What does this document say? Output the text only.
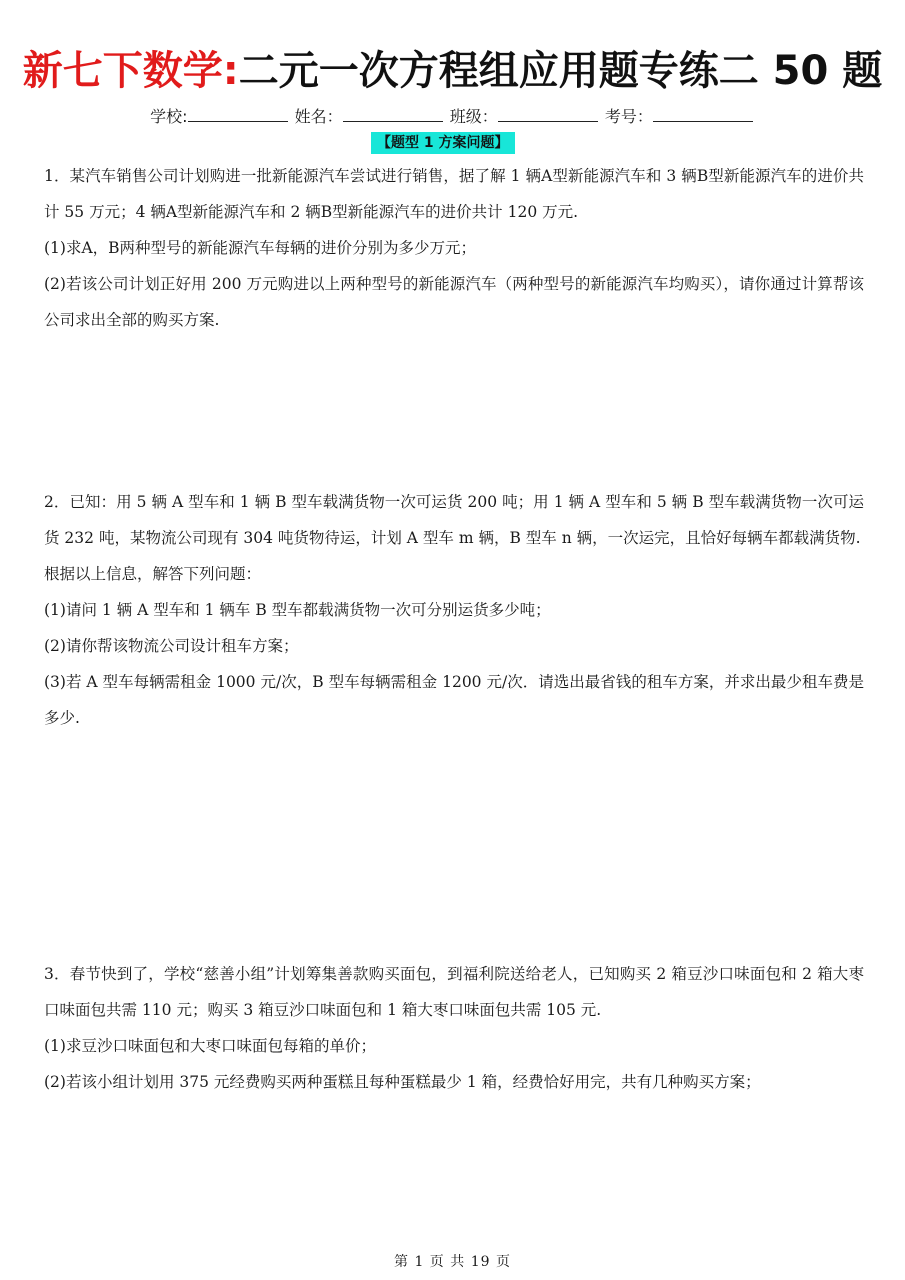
新七下数学:二元一次方程组应用题专练二 50 题
学校:	姓名：	班级：	考号：
【题型 1 方案问题】

1．某汽车销售公司计划购进一批新能源汽车尝试进行销售，据了解 1 辆A型新能源汽车和 3 辆B型新能源汽车的进价共计 55 万元；4 辆A型新能源汽车和 2 辆B型新能源汽车的进价共计 120 万元.

(1)求A，B两种型号的新能源汽车每辆的进价分别为多少万元；

(2)若该公司计划正好用 200 万元购进以上两种型号的新能源汽车（两种型号的新能源汽车均购买），请你通过计算帮该公司求出全部的购买方案.

2．已知：用 5 辆 A 型车和 1 辆 B 型车载满货物一次可运货 200 吨；用 1 辆 A 型车和 5 辆 B 型车载满货物一次可运货 232 吨，某物流公司现有 304 吨货物待运，计划 A 型车 m 辆，B 型车 n 辆，一次运完，且恰好每辆车都载满货物.

根据以上信息，解答下列问题：

(1)请问 1 辆 A 型车和 1 辆车 B 型车都载满货物一次可分别运货多少吨；

(2)请你帮该物流公司设计租车方案；

(3)若 A 型车每辆需租金 1000 元/次，B 型车每辆需租金 1200 元/次．请选出最省钱的租车方案，并求出最少租车费是多少.

3．春节快到了，学校“慈善小组”计划筹集善款购买面包，到福利院送给老人，已知购买 2 箱豆沙口味面包和 2 箱大枣口味面包共需 110 元；购买 3 箱豆沙口味面包和 1 箱大枣口味面包共需 105 元.

(1)求豆沙口味面包和大枣口味面包每箱的单价；

(2)若该小组计划用 375 元经费购买两种蛋糕且每种蛋糕最少 1 箱，经费恰好用完，共有几种购买方案；

第 1 页 共 19 页
